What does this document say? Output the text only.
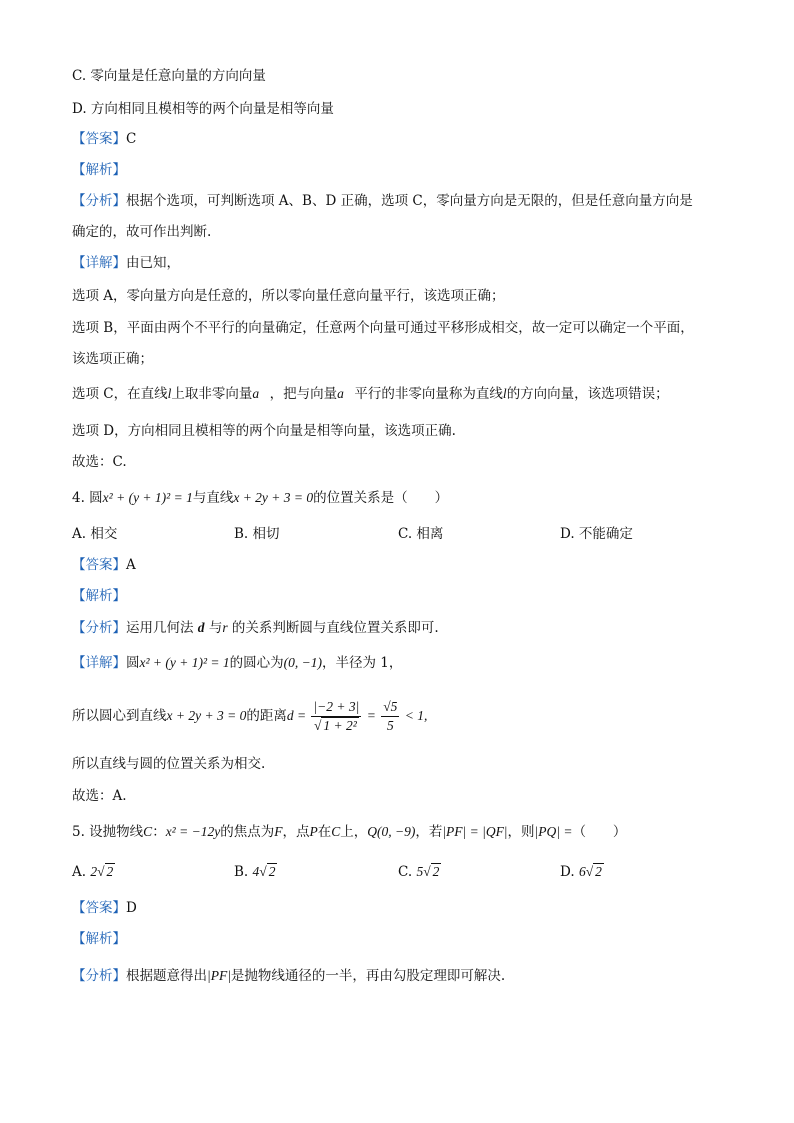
C. 零向量是任意向量的方向向量
D. 方向相同且模相等的两个向量是相等向量
【答案】C
【解析】
【分析】根据个选项，可判断选项 A、B、D 正确，选项 C，零向量方向是无限的，但是任意向量方向是
确定的，故可作出判断.
【详解】由已知，
选项 A，零向量方向是任意的，所以零向量任意向量平行，该选项正确；
选项 B，平面由两个不平行的向量确定，任意两个向量可通过平移形成相交，故一定可以确定一个平面，
该选项正确；
选项 C，在直线l上取非零向量a⃗，把与向量a⃗平行的非零向量称为直线l的方向向量，该选项错误；
选项 D，方向相同且模相等的两个向量是相等向量，该选项正确.
故选：C.
4. 圆x² + (y + 1)² = 1与直线x + 2y + 3 = 0的位置关系是（　　）
A. 相交	B. 相切	C. 相离	D. 不能确定
【答案】A
【解析】
【分析】运用几何法 d 与r 的关系判断圆与直线位置关系即可.
【详解】圆x² + (y + 1)² = 1的圆心为(0, −1)，半径为 1，
所以圆心到直线x + 2y + 3 = 0的距离$d = \frac{|-2 + 3|}{\text{√ 1 + 2²}} = \frac{√5}{5} < 1$,
所以直线与圆的位置关系为相交.
故选：A.
5. 设抛物线C：x² = −12y的焦点为F，点P在C上，Q(0, −9)，若|PF| = |QF|，则|PQ| =（　　）
A. 2√ 2	B. 4√ 2	C. 5√ 2	D. 6√ 2
【答案】D
【解析】
【分析】根据题意得出|PF|是抛物线通径的一半，再由勾股定理即可解决.
